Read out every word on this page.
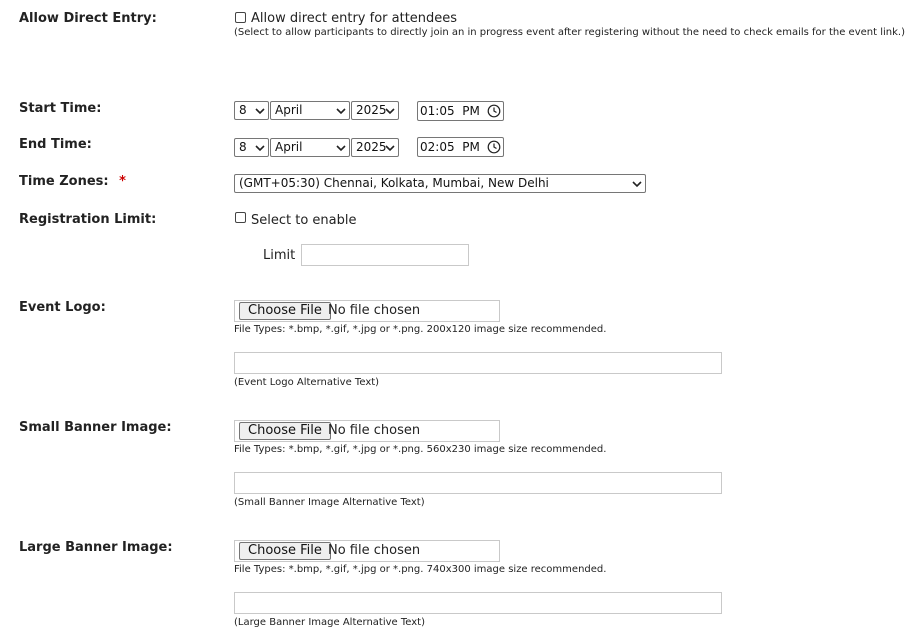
Allow Direct Entry:	Allow direct entry for attendees
(Select to allow participants to directly join an in progress event after registering without the need to check emails for the event link.)
Start Time:	8	April	2025	01:05  PM
End Time:	8	April	2025	02:05  PM
Time Zones: *	(GMT+05:30) Chennai, Kolkata, Mumbai, New Delhi
Registration Limit:	Select to enable
Limit
Event Logo:	Choose File No file chosen
File Types: *.bmp, *.gif, *.jpg or *.png. 200x120 image size recommended.
(Event Logo Alternative Text)
Small Banner Image:	Choose File No file chosen
File Types: *.bmp, *.gif, *.jpg or *.png. 560x230 image size recommended.
(Small Banner Image Alternative Text)
Large Banner Image:	Choose File No file chosen
File Types: *.bmp, *.gif, *.jpg or *.png. 740x300 image size recommended.
(Large Banner Image Alternative Text)
